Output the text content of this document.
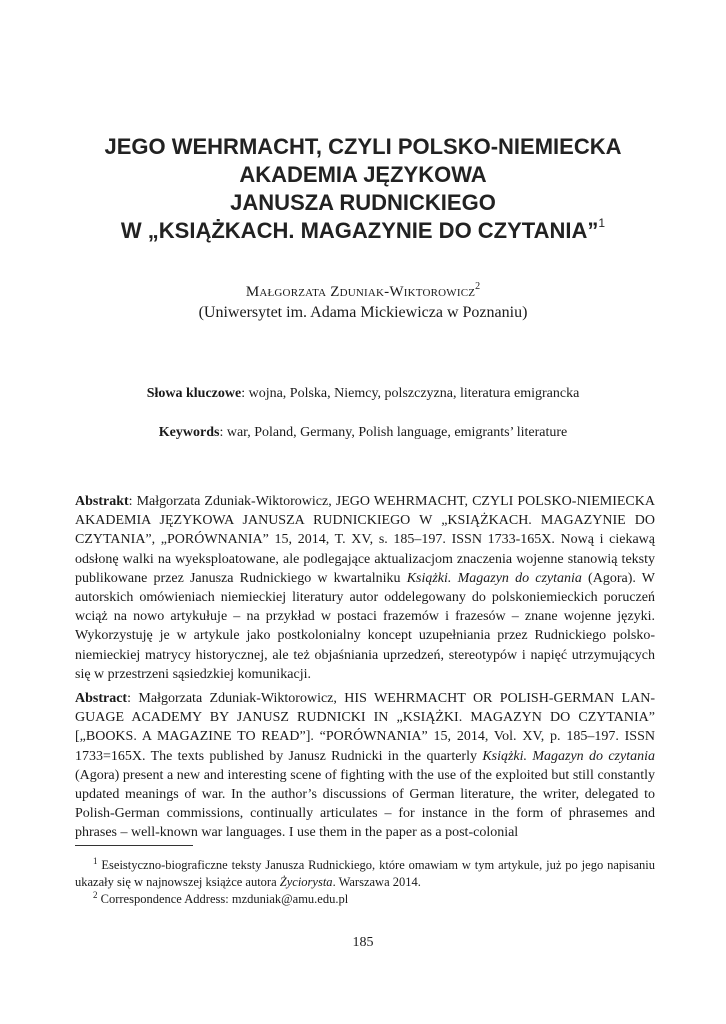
JEGO WEHRMACHT, CZYLI POLSKO-NIEMIECKA
AKADEMIA JĘZYKOWA
JANUSZA RUDNICKIEGO
W „KSIĄŻKACH. MAGAZYNIE DO CZYTANIA”$^1$
Małgorzata Zduniak-Wiktorowicz$^2$
(Uniwersytet im. Adama Mickiewicza w Poznaniu)
Słowa kluczowe: wojna, Polska, Niemcy, polszczyzna, literatura emigrancka
Keywords: war, Poland, Germany, Polish language, emigrants’ literature

Abstrakt: Małgorzata Zduniak-Wiktorowicz, JEGO WEHRMACHT, CZYLI POLSKO-NIEMIECKA AKADEMIA JĘZYKOWA JANUSZA RUDNICKIEGO W „KSIĄŻKACH. MAGAZYNIE DO CZYTANIA”, „PORÓWNANIA” 15, 2014, T. XV, s. 185–197. ISSN 1733-165X. Nową i ciekawą odsłonę walki na wyeksploatowane, ale podlegające aktualizacjom znaczenia wojenne stanowią teksty publikowane przez Janusza Rudnickiego w kwartalniku Książki. Magazyn do czytania (Agora). W autorskich omówieniach niemieckiej literatury autor oddelegowany do polskoniemieckich poruczeń wciąż na nowo artykułuje – na przykład w postaci frazemów i frazesów – znane wojenne języki. Wykorzystuję je w artykule jako postkolonialny koncept uzupełniania przez Rudnickiego polsko-niemieckiej matrycy historycznej, ale też objaśniania uprzedzeń, stereotypów i napięć utrzymujących się w przestrzeni sąsiedzkiej komunikacji.

Abstract: Małgorzata Zduniak-Wiktorowicz, HIS WEHRMACHT OR POLISH-GERMAN LANGUAGE ACADEMY BY JANUSZ RUDNICKI IN „KSIĄŻKI. MAGAZYN DO CZYTANIA” [„BOOKS. A MAGAZINE TO READ”]. “PORÓWNANIA” 15, 2014, Vol. XV, p. 185–197. ISSN 1733=165X. The texts published by Janusz Rudnicki in the quarterly Książki. Magazyn do czytania (Agora) present a new and interesting scene of fighting with the use of the exploited but still constantly updated meanings of war. In the author’s discussions of German literature, the writer, delegated to Polish-German commissions, continually articulates – for instance in the form of phrasemes and phrases – well-known war languages. I use them in the paper as a post-colonial

$^1$ Eseistyczno-biograficzne teksty Janusza Rudnickiego, które omawiam w tym artykule, już po jego napisaniu ukazały się w najnowszej książce autora Życiorysta. Warszawa 2014.

$^2$ Correspondence Address: mzduniak@amu.edu.pl

185
